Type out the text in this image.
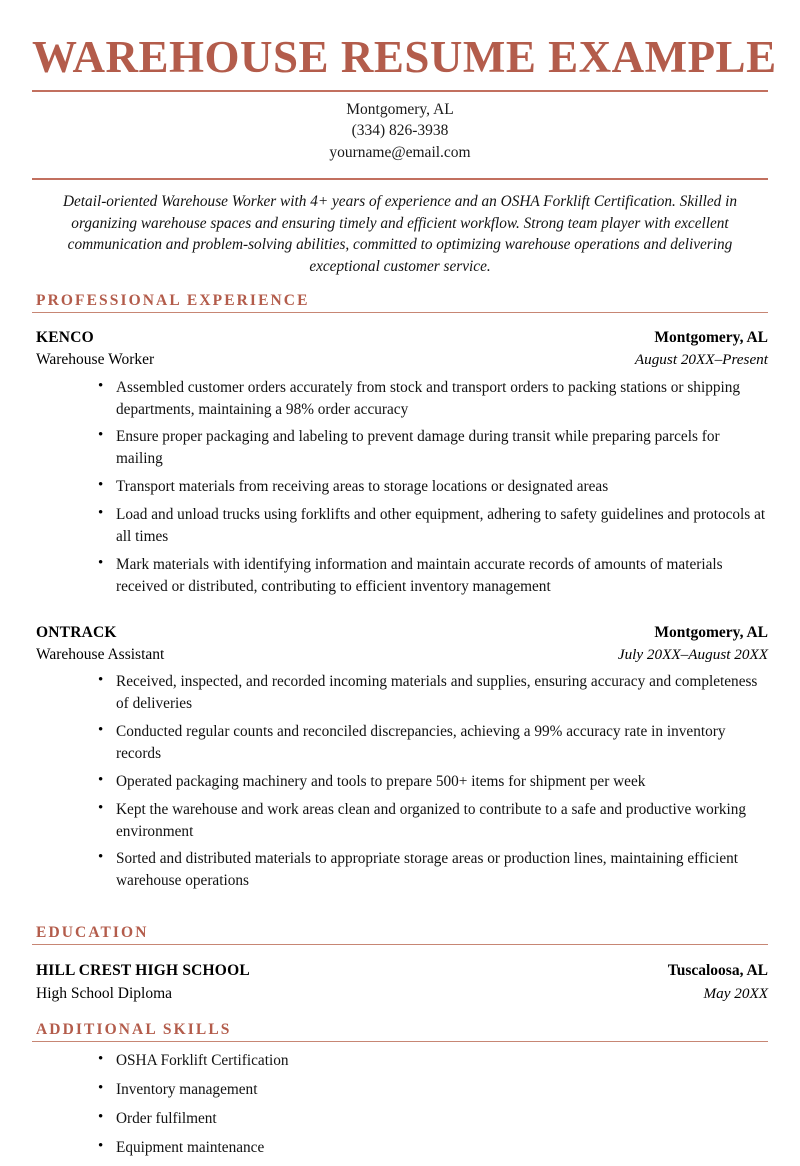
WAREHOUSE RESUME EXAMPLE
Montgomery, AL
(334) 826-3938
yourname@email.com
Detail-oriented Warehouse Worker with 4+ years of experience and an OSHA Forklift Certification. Skilled in organizing warehouse spaces and ensuring timely and efficient workflow. Strong team player with excellent communication and problem-solving abilities, committed to optimizing warehouse operations and delivering exceptional customer service.
PROFESSIONAL EXPERIENCE
KENCO	Montgomery, AL
Warehouse Worker	August 20XX–Present
• Assembled customer orders accurately from stock and transport orders to packing stations or shipping departments, maintaining a 98% order accuracy
• Ensure proper packaging and labeling to prevent damage during transit while preparing parcels for mailing
• Transport materials from receiving areas to storage locations or designated areas
• Load and unload trucks using forklifts and other equipment, adhering to safety guidelines and protocols at all times
• Mark materials with identifying information and maintain accurate records of amounts of materials received or distributed, contributing to efficient inventory management
ONTRACK	Montgomery, AL
Warehouse Assistant	July 20XX–August 20XX
• Received, inspected, and recorded incoming materials and supplies, ensuring accuracy and completeness of deliveries
• Conducted regular counts and reconciled discrepancies, achieving a 99% accuracy rate in inventory records
• Operated packaging machinery and tools to prepare 500+ items for shipment per week
• Kept the warehouse and work areas clean and organized to contribute to a safe and productive working environment
• Sorted and distributed materials to appropriate storage areas or production lines, maintaining efficient warehouse operations
EDUCATION
HILL CREST HIGH SCHOOL	Tuscaloosa, AL
High School Diploma	May 20XX
ADDITIONAL SKILLS
• OSHA Forklift Certification
• Inventory management
• Order fulfilment
• Equipment maintenance
